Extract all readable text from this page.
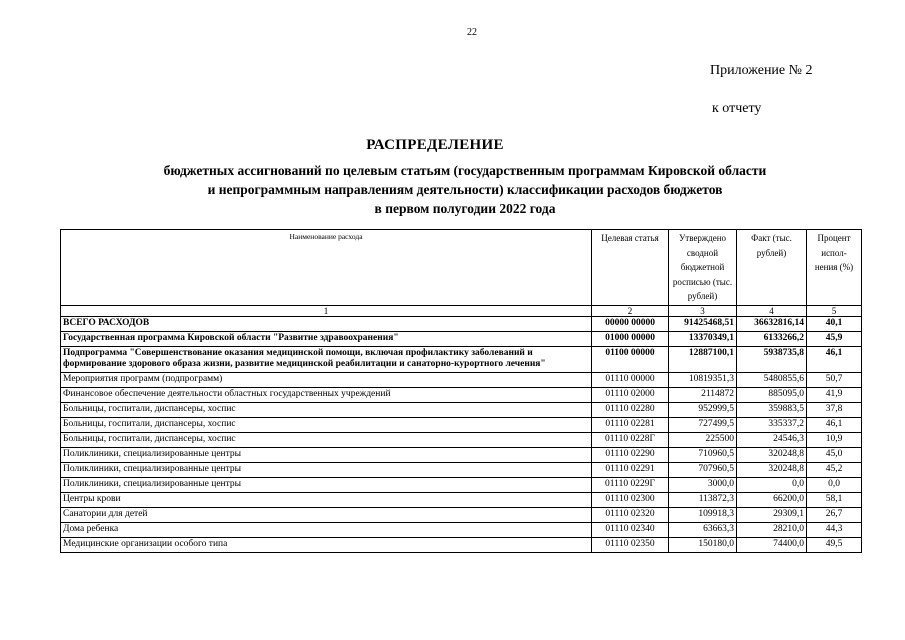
22
Приложение № 2
к отчету
РАСПРЕДЕЛЕНИЕ
бюджетных ассигнований по целевым статьям (государственным программам Кировской области
и непрограммным направлениям деятельности) классификации расходов бюджетов
в первом полугодии 2022 года
Наименование расхода	Целевая статья	Утверждено сводной бюджетной росписью (тыс. рублей)	Факт (тыс. рублей)	Процент испол- нения (%)
1	2	3	4	5
ВСЕГО РАСХОДОВ	00000 00000	91425468,51	36632816,14	40,1
Государственная программа Кировской области "Развитие здравоохранения"	01000 00000	13370349,1	6133266,2	45,9
Подпрограмма "Совершенствование оказания медицинской помощи, включая профилактику заболеваний и формирование здорового образа жизни, развитие медицинской реабилитации и санаторно-курортного лечения"	01100 00000	12887100,1	5938735,8	46,1
Мероприятия программ (подпрограмм)	01110 00000	10819351,3	5480855,6	50,7
Финансовое обеспечение деятельности областных государственных учреждений	01110 02000	2114872	885095,0	41,9
Больницы, госпитали, диспансеры, хоспис	01110 02280	952999,5	359883,5	37,8
Больницы, госпитали, диспансеры, хоспис	01110 02281	727499,5	335337,2	46,1
Больницы, госпитали, диспансеры, хоспис	01110 0228Г	225500	24546,3	10,9
Поликлиники, специализированные центры	01110 02290	710960,5	320248,8	45,0
Поликлиники, специализированные центры	01110 02291	707960,5	320248,8	45,2
Поликлиники, специализированные центры	01110 0229Г	3000,0	0,0	0,0
Центры крови	01110 02300	113872,3	66200,0	58,1
Санатории для детей	01110 02320	109918,3	29309,1	26,7
Дома ребенка	01110 02340	63663,3	28210,0	44,3
Медицинские организации особого типа	01110 02350	150180,0	74400,0	49,5
